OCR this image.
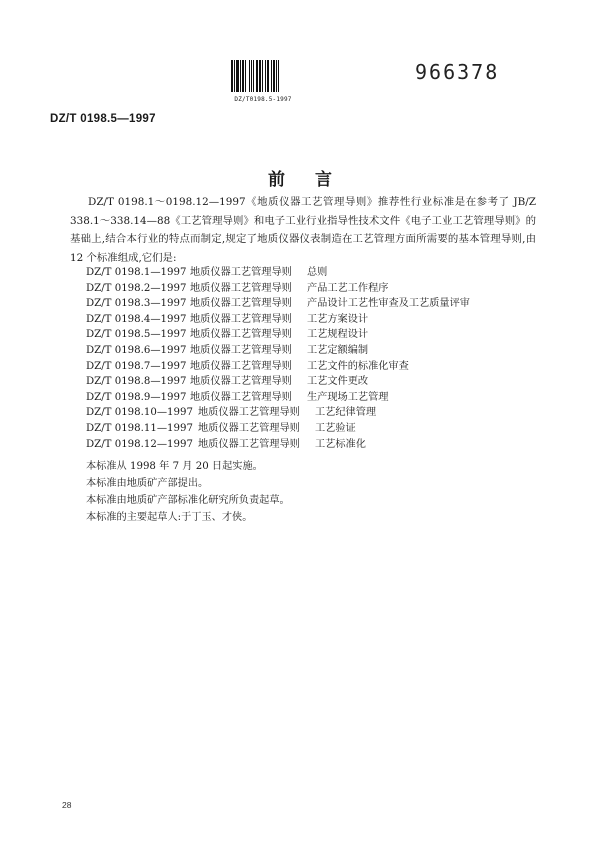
DZ/T0198.5-1997
966378
DZ/T 0198.5—1997
前言
DZ/T 0198.1～0198.12—1997《地质仪器工艺管理导则》推荐性行业标准是在参考了 JB/Z 338.1～338.14—88《工艺管理导则》和电子工业行业指导性技术文件《电子工业工艺管理导则》的基础上,结合本行业的特点而制定,规定了地质仪器仪表制造在工艺管理方面所需要的基本管理导则,由 12 个标准组成,它们是:
DZ/T 0198.1—1997 地质仪器工艺管理导则 总则
DZ/T 0198.2—1997 地质仪器工艺管理导则 产品工艺工作程序
DZ/T 0198.3—1997 地质仪器工艺管理导则 产品设计工艺性审查及工艺质量评审
DZ/T 0198.4—1997 地质仪器工艺管理导则 工艺方案设计
DZ/T 0198.5—1997 地质仪器工艺管理导则 工艺规程设计
DZ/T 0198.6—1997 地质仪器工艺管理导则 工艺定额编制
DZ/T 0198.7—1997 地质仪器工艺管理导则 工艺文件的标准化审查
DZ/T 0198.8—1997 地质仪器工艺管理导则 工艺文件更改
DZ/T 0198.9—1997 地质仪器工艺管理导则 生产现场工艺管理
DZ/T 0198.10—1997 地质仪器工艺管理导则 工艺纪律管理
DZ/T 0198.11—1997 地质仪器工艺管理导则 工艺验证
DZ/T 0198.12—1997 地质仪器工艺管理导则 工艺标准化
本标准从 1998 年 7 月 20 日起实施。
本标准由地质矿产部提出。
本标准由地质矿产部标准化研究所负责起草。
本标准的主要起草人:于丁玉、才侠。
28
